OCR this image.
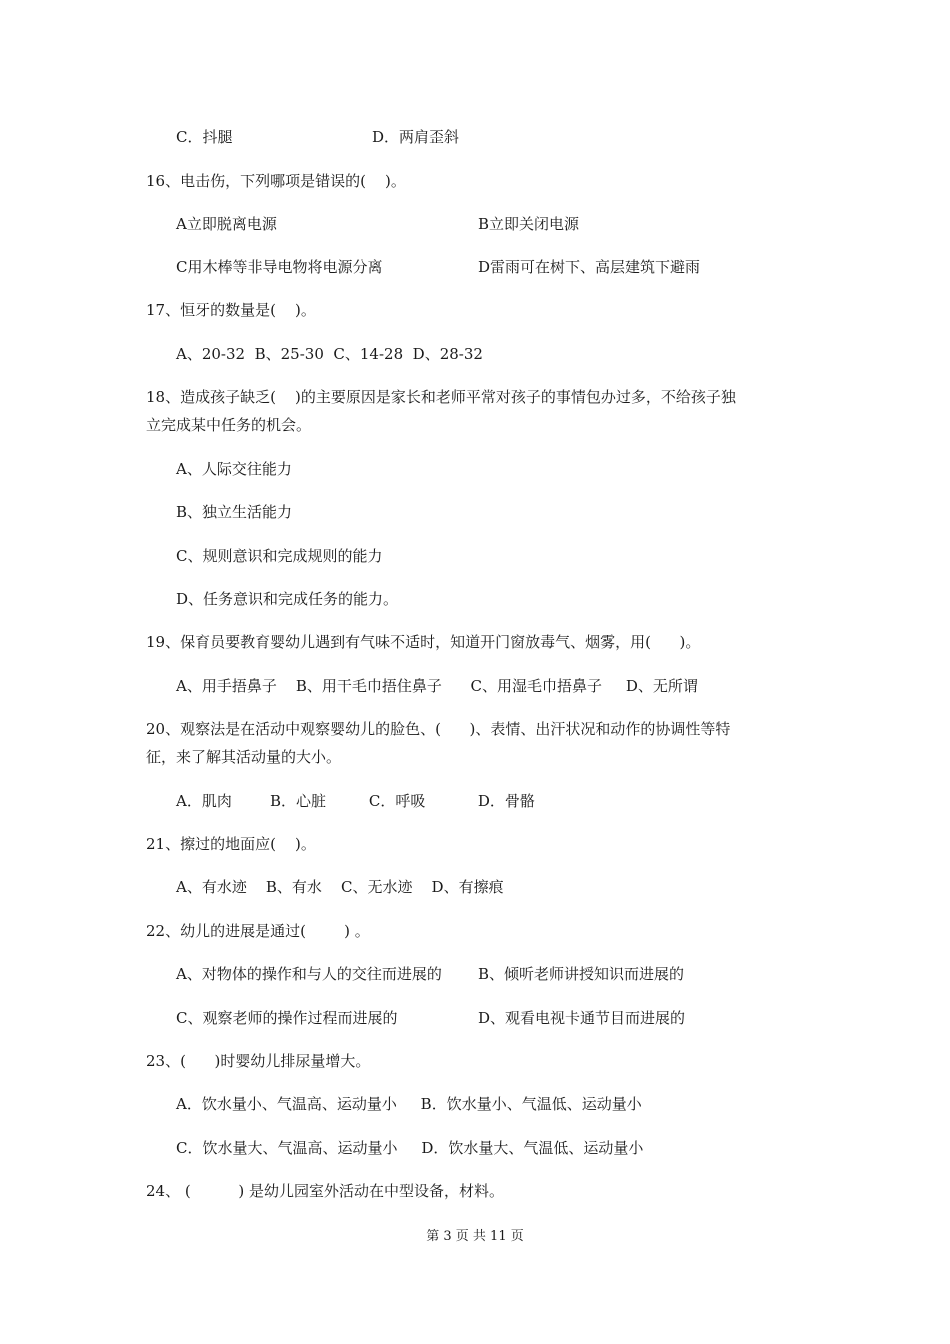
C．抖腿	D．两肩歪斜
16、电击伤，下列哪项是错误的(    )。
A立即脱离电源	B立即关闭电源
C用木棒等非导电物将电源分离	D雷雨可在树下、高层建筑下避雨
17、恒牙的数量是(    )。
A、20-32  B、25-30  C、14-28  D、28-32
18、造成孩子缺乏(    )的主要原因是家长和老师平常对孩子的事情包办过多，不给孩子独
立完成某中任务的机会。
A、人际交往能力
B、独立生活能力
C、规则意识和完成规则的能力
D、任务意识和完成任务的能力。
19、保育员要教育婴幼儿遇到有气味不适时，知道开门窗放毒气、烟雾，用(      )。
A、用手捂鼻子    B、用干毛巾捂住鼻子      C、用湿毛巾捂鼻子     D、无所谓
20、观察法是在活动中观察婴幼儿的脸色、(      )、表情、出汗状况和动作的协调性等特
征，来了解其活动量的大小。
A．肌肉        B．心脏         C．呼吸           D．骨骼
21、擦过的地面应(    )。
A、有水迹    B、有水    C、无水迹    D、有擦痕
22、幼儿的进展是通过(        ) 。
A、对物体的操作和与人的交往而进展的 B、倾听老师讲授知识而进展的
C、观察老师的操作过程而进展的	D、观看电视卡通节目而进展的
23、(      )时婴幼儿排尿量增大。
A．饮水量小、气温高、运动量小     B．饮水量小、气温低、运动量小
C．饮水量大、气温高、运动量小     D．饮水量大、气温低、运动量小
24、 (          ) 是幼儿园室外活动在中型设备，材料。
第 3 页 共 11 页
